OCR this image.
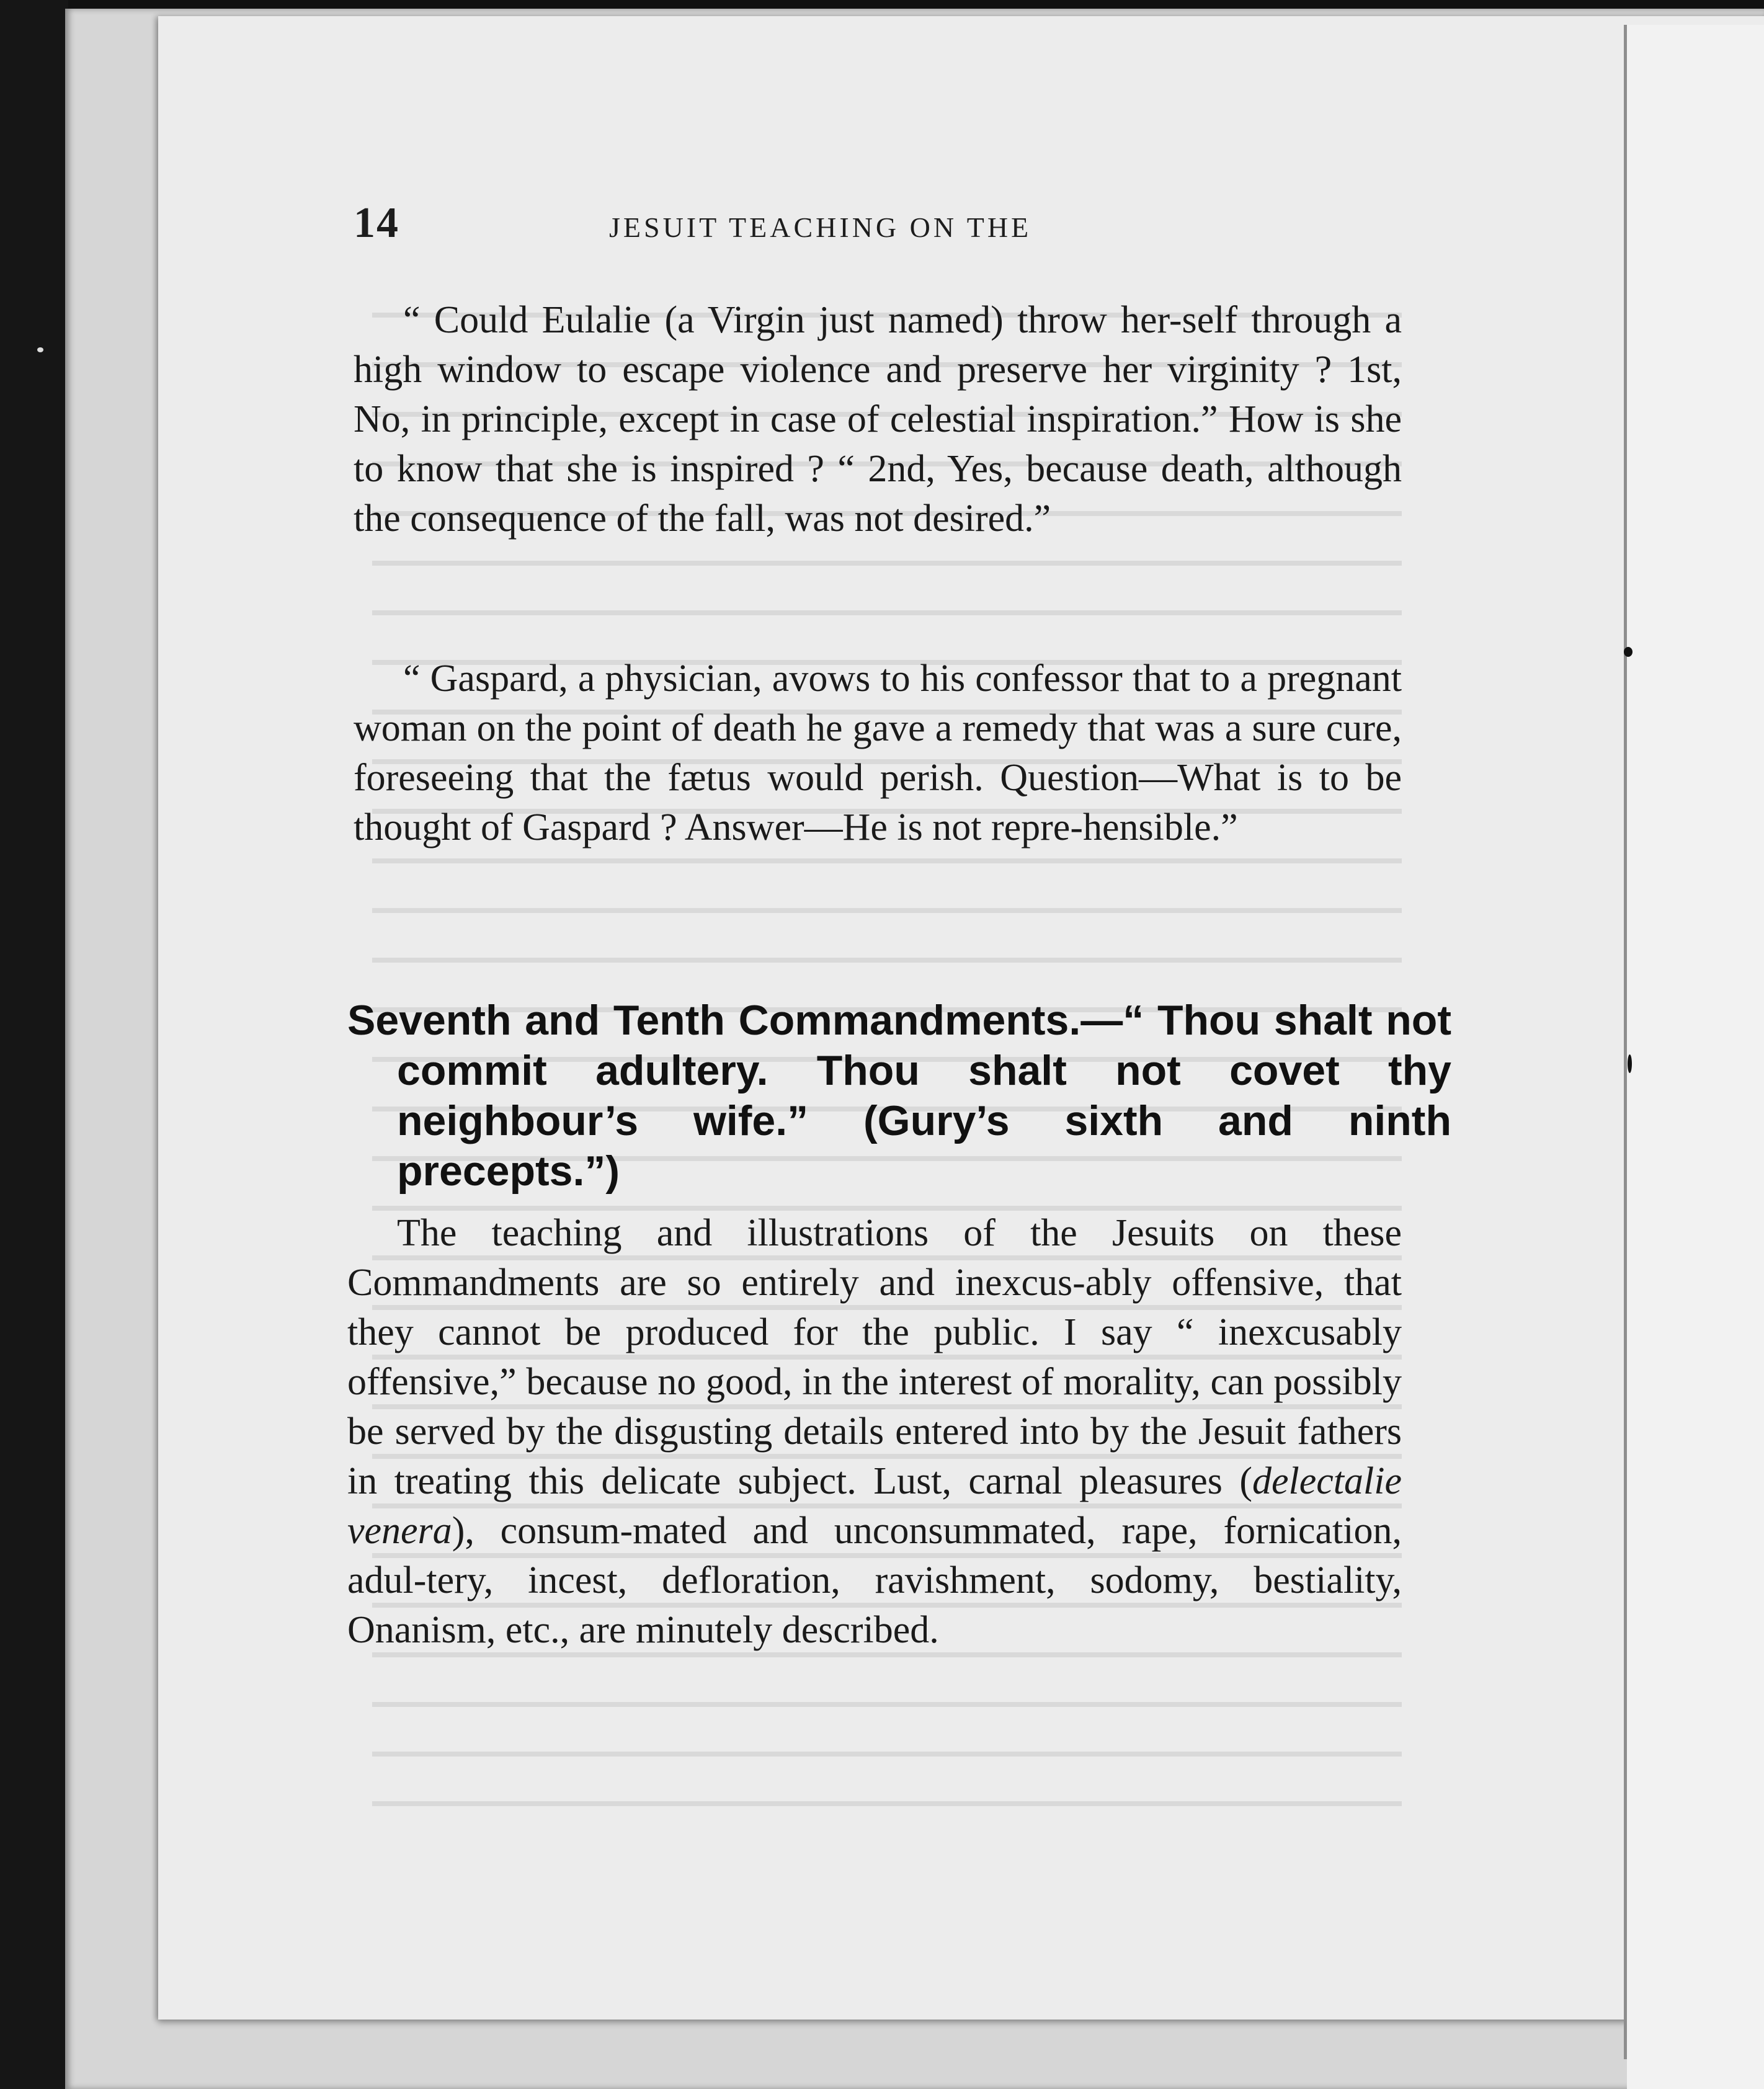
14	JESUIT TEACHING ON THE

“ Could Eulalie (a Virgin just named) throw her-self through a high window to escape violence and preserve her virginity ? 1st, No, in principle, except in case of celestial inspiration.” How is she to know that she is inspired ? “ 2nd, Yes, because death, although the consequence of the fall, was not desired.”

“ Gaspard, a physician, avows to his confessor that to a pregnant woman on the point of death he gave a remedy that was a sure cure, foreseeing that the fætus would perish. Question—What is to be thought of Gaspard ? Answer—He is not repre-hensible.”

Seventh and Tenth Commandments.—“ Thou shalt not commit adultery. Thou shalt not covet thy neighbour’s wife.” (Gury’s sixth and ninth precepts.”)

The teaching and illustrations of the Jesuits on these Commandments are so entirely and inexcus-ably offensive, that they cannot be produced for the public. I say “ inexcusably offensive,” because no good, in the interest of morality, can possibly be served by the disgusting details entered into by the Jesuit fathers in treating this delicate subject. Lust, carnal pleasures (delectalie venera), consum-mated and unconsummated, rape, fornication, adul-tery, incest, defloration, ravishment, sodomy, bestiality, Onanism, etc., are minutely described.
